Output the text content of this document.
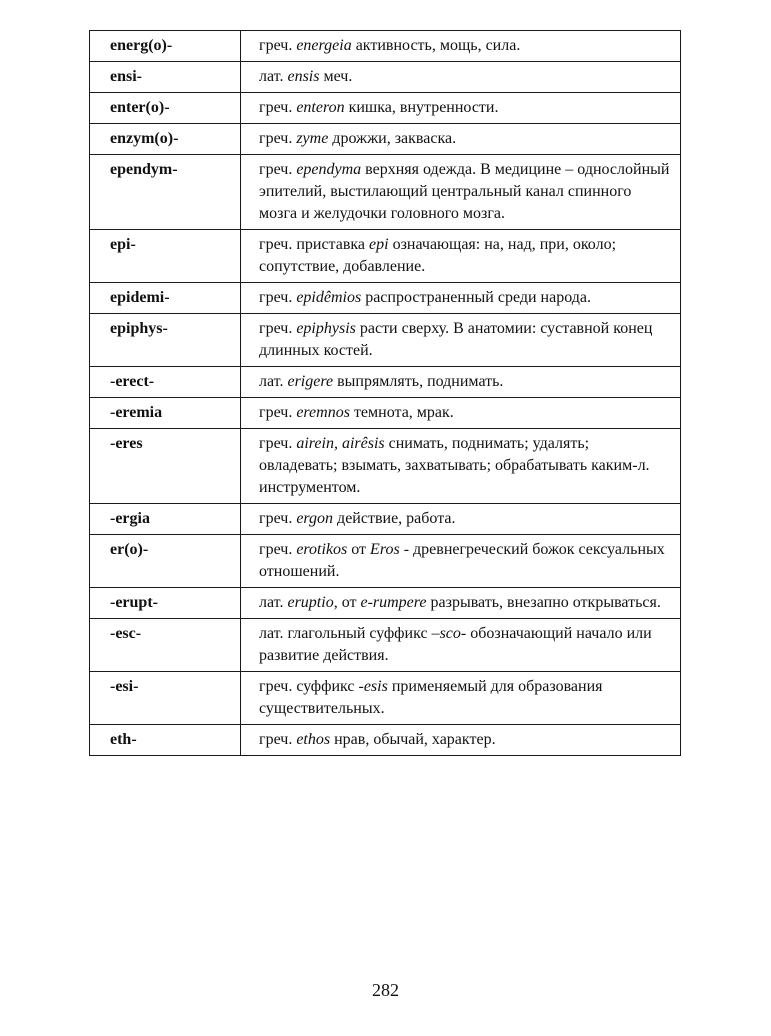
energ(o)-	греч. energeia активность, мощь, сила.
ensi-	лат. ensis меч.
enter(o)-	греч. enteron кишка, внутренности.
enzym(o)-	греч. zyme дрожжи, закваска.
ependym-	греч. ependyma верхняя одежда. В медицине – однослойный эпителий, выстилающий центральный канал спинного мозга и желудочки головного мозга.
epi-	греч. приставка epi означающая: на, над, при, около; сопутствие, добавление.
epidemi-	греч. epidêmios распространенный среди народа.
epiphys-	греч. epiphysis расти сверху. В анатомии: суставной конец длинных костей.
-erect-	лат. erigere выпрямлять, поднимать.
-eremia	греч. eremnos темнота, мрак.
-eres	греч. airein, airêsis снимать, поднимать; удалять; овладевать; взымать, захватывать; обрабатывать каким-л. инструментом.
-ergia	греч. ergon действие, работа.
er(o)-	греч. erotikos от Eros - древнегреческий божок сексуальных отношений.
-erupt-	лат. eruptio, от e-rumpere разрывать, внезапно открываться.
-esc-	лат. глагольный суффикс –sco- обозначающий начало или развитие действия.
-esi-	греч. суффикс -esis применяемый для образования существительных.
eth-	греч. ethos нрав, обычай, характер.
282
